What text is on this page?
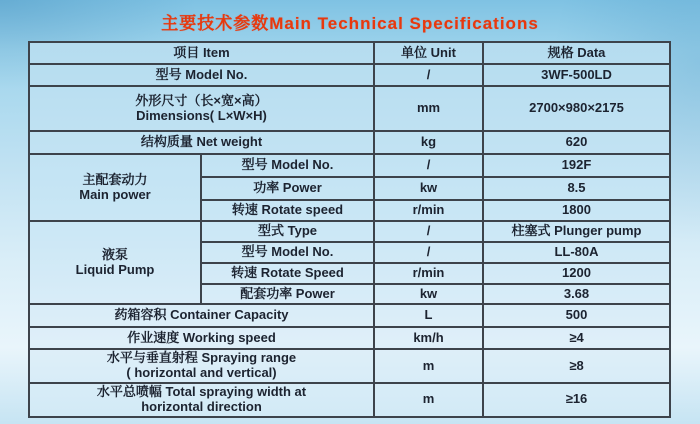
主要技术参数Main Technical Specifications
项目 Item		单位 Unit	规格 Data
型号 Model No.		/	3WF-500LD

外形尺寸（长×宽×高）
Dimensions( L×W×H)		mm	2700×980×2175
结构质量 Net weight		kg	620

主配套动力
Main power	型号 Model No.	/	192F
	功率 Power	kw	8.5
	转速 Rotate speed	r/min	1800

液泵
Liquid Pump	型式 Type	/	柱塞式 Plunger pump
	型号 Model No.	/	LL-80A
	转速 Rotate Speed	r/min	1200
	配套功率 Power	kw	3.68
药箱容积 Container Capacity		L	500
作业速度 Working speed		km/h	≥4

水平与垂直射程 Spraying range
( horizontal and vertical)		m	≥8

水平总喷幅 Total spraying width at
horizontal direction		m	≥16
